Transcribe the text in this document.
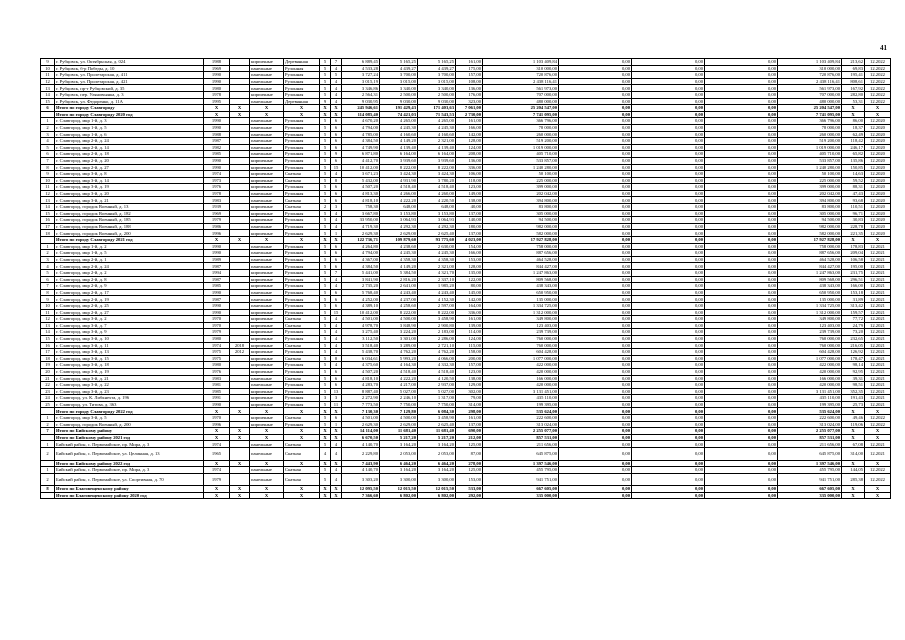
41
9	г. Рубцовск, ул. Октябрьская, д. 024	1988		кирпичные	Деревянная	5	7	6 889,45	5 165,25	5 165,25	161,00	1 103 409,84	0,00	0,00	0,00	1 103 409,84	213,62	12.2022
10	г. Рубцовск, б-р Победы, д. 10	1969		панельные	Рулонная	5	4	4 533,28	4 439,27	4 439,27	175,00	310 000,00	0,00	0,00	0,00	310 000,00	69,83	12.2022
11	г. Рубцовск, ул. Пролетарская, д. 411	1990		панельные	Рулонная	5	5	3 727,24	3 700,00	3 700,00	157,00	720 876,00	0,00	0,00	0,00	720 876,00	195,41	12.2022
12	г. Рубцовск, ул. Пролетарская, д. 421	1990		панельные	Рулонная	5	4	3 015,19	3 015,00	3 015,00	108,00	2 438 116,41	0,00	0,00	0,00	2 438 116,41	808,61	12.2022
13	г. Рубцовск, пр-т Рубцовский, д. 35	1980		панельные	Рулонная	5	4	3 346,86	3 340,00	3 340,00	136,00	561 973,00	0,00	0,00	0,00	561 973,00	167,92	12.2022
14	г. Рубцовск, пер. Уляновьянка, д. 3	1978		кирпичные	Рулонная	5	4	2 564,31	2 500,00	2 500,00	176,00	707 000,00	0,00	0,00	0,00	707 000,00	282,80	12.2022
15	г. Рубцовск, ул. Федоренко, д. 11А	1995		панельные	Деревянная	9	4	9 030,95	9 030,00	9 030,00	323,00	480 000,00	0,00	0,00	0,00	480 000,00	53,31	12.2022
6	Итого по городу Славгороду	X	X	X	X	X	X	245 946,61	191 429,43	171 403,63	7 061,00	25 204 547,00	0,00	0,00	0,00	25 204 547,00	X	X
	Итого по городу Славгороду 2020 год	X	X	X	X	X	X	114 085,40	74 421,03	71 543,53	2 730,00	7 741 095,00	0,00	0,00	0,00	7 741 095,00	X	X
1	г. Славгород, мкр 1-й, д. 3	1990		панельные	Рулонная	5	6	4 670,20	4 265,00	4 265,00	161,00	366 796,00	0,00	0,00	0,00	366 796,00	86,00	12.2020
2	г. Славгород, мкр 1-й, д. 5	1990		панельные	Рулонная	5	6	4 794,00	4 245,30	4 245,30	166,00	78 000,00	0,00	0,00	0,00	78 000,00	18,37	12.2020
3	г. Славгород, мкр 1-й, д. 6	1988		панельные	Рулонная	5	6	4 785,00	4 160,60	4 160,60	142,00	260 000,00	0,00	0,00	0,00	260 000,00	62,49	12.2020
4	г. Славгород, мкр 2-й, д. 24	1987		панельные	Рулонная	5	6	4 384,50	4 149,20	2 321,00	128,00	519 200,00	0,00	0,00	0,00	519 200,00	118,42	12.2020
5	г. Славгород, мкр 2-й, д. 14	1982		панельные	Рулонная	5	6	4 749,90	4 139,40	4 139,40	124,00	1 019 000,00	0,00	0,00	0,00	1 019 000,00	246,17	12.2020
6	г. Славгород, мкр 2-й, д. 18	1985		панельные	Рулонная	5	9	6 871,80	6 164,00	6 164,00	208,00	405 710,00	0,00	0,00	0,00	405 710,00	65,82	12.2020
7	г. Славгород, мкр 2-й, д. 20	1990		кирпичные	Рулонная	5	6	4 412,70	3 939,60	3 939,60	136,00	533 857,00	0,00	0,00	0,00	533 857,00	135,86	12.2020
8	г. Славгород, мкр 2-й, д. 27	1990		кирпичные	Рулонная	5	15	10 412,00	8 222,00	8 222,00	336,00	1 240 280,00	0,00	0,00	0,00	1 240 280,00	150,85	12.2020
9	г. Славгород, мкр 3-й, д. 8	1974		кирпичные	Скатная	5	4	3 671,23	3 424,30	3 424,30	106,00	50 100,00	0,00	0,00	0,00	50 100,00	14,63	12.2020
10	г. Славгород, мкр 3-й, д. 14	1973		кирпичные	Скатная	5	8	5 432,00	4 931,90	3 780,20	118,00	225 000,00	0,00	0,00	0,00	225 000,00	59,52	12.2020
11	г. Славгород, мкр 3-й, д. 19	1976		кирпичные	Рулонная	5	6	4 507,20	4 518,40	4 518,40	123,00	399 000,00	0,00	0,00	0,00	399 000,00	88,31	12.2020
12	г. Славгород, мкр 3-й, д. 20	1978		панельные	Рулонная	5	6	4 813,30	4 266,00	4 260,00	149,00	202 042,00	0,00	0,00	0,00	202 042,00	47,43	12.2020
13	г. Славгород, мкр 3-й, д. 21	1983		панельные	Скатная	5	6	4 818,10	4 222,20	4 220,50	138,00	394 800,00	0,00	0,00	0,00	394 800,00	93,68	12.2020
14	г. Славгород, городок Военный, д. 13	1939		кирпичные	Скатная	2	3	758,30	648,00	648,00	40,00	83 800,00	0,00	0,00	0,00	83 800,00	110,51	12.2020
15	г. Славгород, городок Военный, д. 182	1969		кирпичные	Рулонная	5	4	3 667,80	3 153,80	3 153,80	137,00	305 000,00	0,00	0,00	0,00	305 000,00	96,71	12.2020
16	г. Славгород, городок Военный, д. 185	1979		кирпичные	Рулонная	5	4	33 950,00	3 064,93	3 064,93	140,00	94 500,00	0,00	0,00	0,00	94 500,00	30,83	12.2020
17	г. Славгород, городок Военный, д. 188	1986		панельные	Рулонная	5	4	4 719,30	4 292,30	4 292,30	180,00	982 000,00	0,00	0,00	0,00	982 000,00	228,78	12.2020
18	г. Славгород, городок Военный, д. 200	1996		кирпичные	Рулонная	5	1	2 629,30	2 629,00	2 625,40	137,00	582 000,00	0,00	0,00	0,00	582 000,00	221,35	12.2020
	Итого по городу Славгороду 2021 год	X	X	X	X	X	X	122 736,71	109 879,60	93 775,60	4 023,00	17 927 828,00	0,00	0,00	0,00	17 927 828,00	X	X
1	г. Славгород, мкр 1-й, д. 2	1990		панельные	Рулонная	5	6	4 264,80	4 238,60	2 630,00	154,00	758 000,00	0,00	0,00	0,00	758 000,00	178,83	12.2021
2	г. Славгород, мкр 1-й, д. 5	1990		панельные	Рулонная	5	6	4 794,00	4 245,30	4 245,30	166,00	887 656,00	0,00	0,00	0,00	887 656,00	209,04	12.2021
3	г. Славгород, мкр 2-й, д. 1	1989		панельные	Рулонная	5	6	4 367,00	4 358,30	4 358,30	153,00	464 528,00	0,00	0,00	0,00	464 528,00	106,58	12.2021
4	г. Славгород, мкр 2-й, д. 24	1987		панельные	Рулонная	5	6	4 384,50	4 149,20	2 321,00	128,00	844 427,00	0,00	0,00	0,00	844 427,00	195,00	12.2021
5	г. Славгород, мкр 2-й, д. 2	1994		кирпичные	Рулонная	5	7	5 441,00	5 384,50	4 321,70	135,00	1 247 863,00	0,00	0,00	0,00	1 247 863,00	231,75	12.2021
6	г. Славгород, мкр 2-й, д. 8	1987		кирпичные	Рулонная	5	4	3 841,90	2 816,20	2 337,10	122,00	809 568,00	0,00	0,00	0,00	809 568,00	296,51	12.2021
7	г. Славгород, мкр 2-й, д. 9	1985		кирпичные	Рулонная	5	4	2 735,20	2 641,00	1 985,20	80,00	438 343,00	0,00	0,00	0,00	438 343,00	166,00	12.2021
8	г. Славгород, мкр 2-й, д. 17	1990		панельные	Рулонная	5	6	5 768,40	4 243,40	4 243,40	145,00	650 950,00	0,00	0,00	0,00	650 950,00	153,18	12.2021
9	г. Славгород, мкр 2-й, д. 19	1987		панельные	Рулонная	5	6	4 252,00	4 237,00	4 152,30	142,00	135 000,00	0,00	0,00	0,00	135 000,00	31,89	12.2021
10	г. Славгород, мкр 2-й, д. 25	1990		панельные	Рулонная	5	6	4 389,10	4 258,60	2 597,00	164,00	1 334 725,00	0,00	0,00	0,00	1 334 725,00	313,42	12.2021
11	г. Славгород, мкр 2-й, д. 27	1990		кирпичные	Рулонная	5	15	10 412,00	8 222,00	8 222,00	336,00	1 312 000,00	0,00	0,00	0,00	1 312 000,00	159,57	12.2021
12	г. Славгород, мкр 3-й, д. 2	1970		кирпичные	Скатная	5	4	4 501,00	4 500,00	3 458,90	161,00	349 800,00	0,00	0,00	0,00	349 800,00	77,72	12.2021
13	г. Славгород, мкр 3-й, д. 7	1970		кирпичные	Скатная	5	4	4 978,70	3 848,90	2 900,80	139,00	123 403,00	0,00	0,00	0,00	123 403,00	24,79	12.2021
14	г. Славгород, мкр 3-й, д. 9	1979		кирпичные	Рулонная	5	4	3 275,40	3 224,20	2 183,00	114,00	239 739,00	0,00	0,00	0,00	239 739,00	73,20	12.2021
15	г. Славгород, мкр 3-й, д. 10	1980		кирпичные	Рулонная	5	4	3 112,50	3 301,00	2 286,00	124,00	760 000,00	0,00	0,00	0,00	760 000,00	232,65	12.2021
16	г. Славгород, мкр 3-й, д. 11	1974	2018	кирпичные	Скатная	5	4	3 518,40	3 289,00	2 721,10	115,00	760 000,00	0,00	0,00	0,00	760 000,00	216,05	12.2021
17	г. Славгород, мкр 3-й, д. 13	1975	2012	кирпичные	Рулонная	5	4	5 438,70	4 762,20	4 762,20	158,00	604 428,00	0,00	0,00	0,00	604 428,00	126,92	12.2021
18	г. Славгород, мкр 3-й, д. 15	1975		кирпичные	Скатная	5	8	6 034,61	5 993,20	4 066,00	200,00	1 077 000,00	0,00	0,00	0,00	1 077 000,00	178,47	12.2021
19	г. Славгород, мкр 3-й, д. 18	1980		кирпичные	Рулонная	5	4	4 375,60	4 164,30	4 332,30	157,00	422 000,00	0,00	0,00	0,00	422 000,00	98,14	12.2021
20	г. Славгород, мкр 3-й, д. 19	1976		кирпичные	Рулонная	5	6	4 507,20	4 518,40	4 518,40	123,00	420 000,00	0,00	0,00	0,00	420 000,00	92,95	12.2021
21	г. Славгород, мкр 3-й, д. 21	1983		панельные	Скатная	5	6	4 818,10	4 222,20	4 120,50	138,00	166 000,00	0,00	0,00	0,00	166 000,00	39,31	12.2021
22	г. Славгород, мкр 3-й, д. 22	1981		панельные	Рулонная	5	6	4 283,70	4 217,00	2 937,00	129,00	420 000,00	0,00	0,00	0,00	420 000,00	98,51	12.2021
23	г. Славгород, мкр 3-й, д. 23	1985		кирпичные	Рулонная	5	13	8 887,40	5 027,00	5 027,00	302,00	3 131 451,00	0,00	0,00	0,00	3 131 451,00	352,35	12.2021
24	г. Славгород, ул. К. Либкнехта, д. 196	1991		кирпичные	Рулонная	3	3	2 272,90	2 246,10	1 317,00	79,00	435 110,00	0,00	0,00	0,00	435 110,00	191,43	12.2021
25	г. Славгород, ул. Титова, д. 363	1990		кирпичные	Рулонная	5	11	7 773,50	7 750,00	7 750,00	314,00	199 395,00	0,00	0,00	0,00	199 395,00	25,73	12.2021
	Итого по городу Славгороду 2022 год	X	X	X	X	X	X	7 130,30	7 129,80	6 084,30	298,00	535 624,00	0,00	0,00	0,00	535 624,00	X	X
1	г. Славгород, мкр 3-й, д. 5	1970		кирпичные	Скатная	5	6	4 501,00	4 500,00	3 458,90	161,00	222 600,00	0,00	0,00	0,00	222 600,00	49,46	12.2022
2	г. Славгород, городок Военный, д. 200	1996		кирпичные	Рулонная	5	1	2 629,30	2 629,00	2 625,40	137,00	313 024,00	0,00	0,00	0,00	313 024,00	119,06	12.2022
7	Итого по Бийскому району	X	X	X	X	X	X	14 114,00	11 681,40	11 681,40	690,00	2 255 077,00	0,00	0,00	0,00	2 255 077,00	X	X
	Итого по Бийскому району 2021 год	X	X	X	X	X	X	6 670,50	5 217,20	5 217,20	212,00	857 531,00	0,00	0,00	0,00	857 531,00	X	X
1	Бийский район, с. Первомайское, пр. Мира, д. 3	1974		панельные	Скатная	5	4	4 140,70	3 164,20	3 164,20	125,00	211 656,00	0,00	0,00	0,00	211 656,00	67,08	12.2021
2	Бийский район, с. Первомайское, ул. Целинная, д. 13	1965		панельные	Скатная	4	4	2 229,80	2 053,00	2 053,00	87,00	645 875,00	0,00	0,00	0,00	645 875,00	314,00	12.2021
	Итого по Бийскому району 2022 год	X	X	X	X	X	X	7 443,90	6 464,20	6 464,20	278,00	1 397 546,00	0,00	0,00	0,00	1 397 546,00	X	X
1	Бийский район, с. Первомайское, пр. Мира, д. 3	1974		панельные	Скатная	5	4	4 140,70	3 164,20	3 164,20	125,00	455 795,00	0,00	0,00	0,00	455 795,00	144,05	12.2022
2	Бийский район, с. Первомайское, ул. Спортивная, д. 70	1979		панельные	Скатная	5	4	3 303,20	3 300,00	3 300,00	153,00	941 751,00	0,00	0,00	0,00	941 751,00	285,38	12.2022
8	Итого по Благовещенскому району	X	X	X	X	X	X	12 095,50	12 015,50	12 015,50	533,00	667 605,00	0,00	0,00	0,00	667 605,00	X	X
	Итого по Благовещенскому району 2020 год	X	X	X	X	X	X	7 366,60	6 802,00	6 802,00	292,00	335 000,00	0,00	0,00	0,00	335 000,00	X	X
